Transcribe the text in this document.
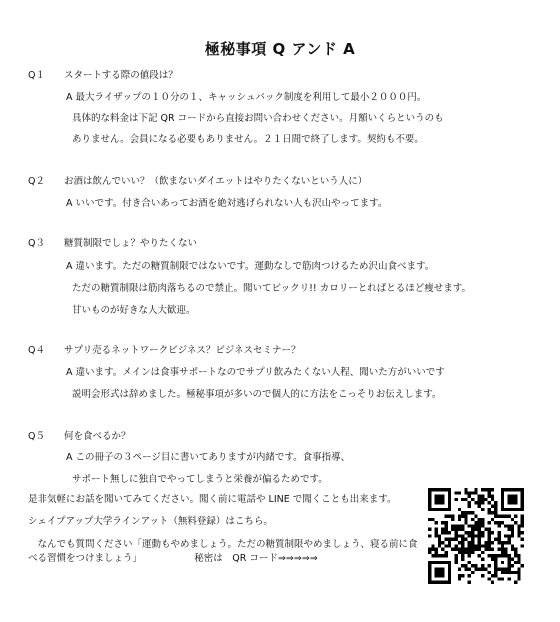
極秘事項 Q アンド A
Q１　　スタートする際の値段は？
A 最大ライザップの１０分の１、キャッシュバック制度を利用して最小２０００円。
具体的な料金は下記 QR コードから直接お問い合わせください。月額いくらというのも
ありません。会員になる必要もありません。２１日間で終了します。契約も不要。
Q２　　お酒は飲んでいい？（飲まないダイエットはやりたくないという人に）
A いいです。付き合いあってお酒を絶対逃げられない人も沢山やってます。
Q３　　糖質制限でしょ？やりたくない
A 違います。ただの糖質制限ではないです。運動なしで筋肉つけるため沢山食べます。
ただの糖質制限は筋肉落ちるので禁止。聞いてビックリ!! カロリーとればとるほど痩せます。
甘いものが好きな人大歓迎。
Q４　　サプリ売るネットワークビジネス？ビジネスセミナー？
A 違います。メインは食事サポートなのでサプリ飲みたくない人程、聞いた方がいいです
説明会形式は辞めました。極秘事項が多いので個人的に方法をこっそりお伝えします。
Q５　　何を食べるか？
A この冊子の３ページ目に書いてありますが内緒です。食事指導、
サポート無しに独自でやってしまうと栄養が偏るためです。
是非気軽にお話を聞いてみてください。聞く前に電話や LINE で聞くことも出来ます。
シェイプアップ大学ラインアット（無料登録）はこちら。
　なんでも質問ください「運動もやめましょう。ただの糖質制限やめましょう、寝る前に食
べる習慣をつけましょう」　　　　　　秘密は　QR コード⇒⇒⇒⇒⇒
